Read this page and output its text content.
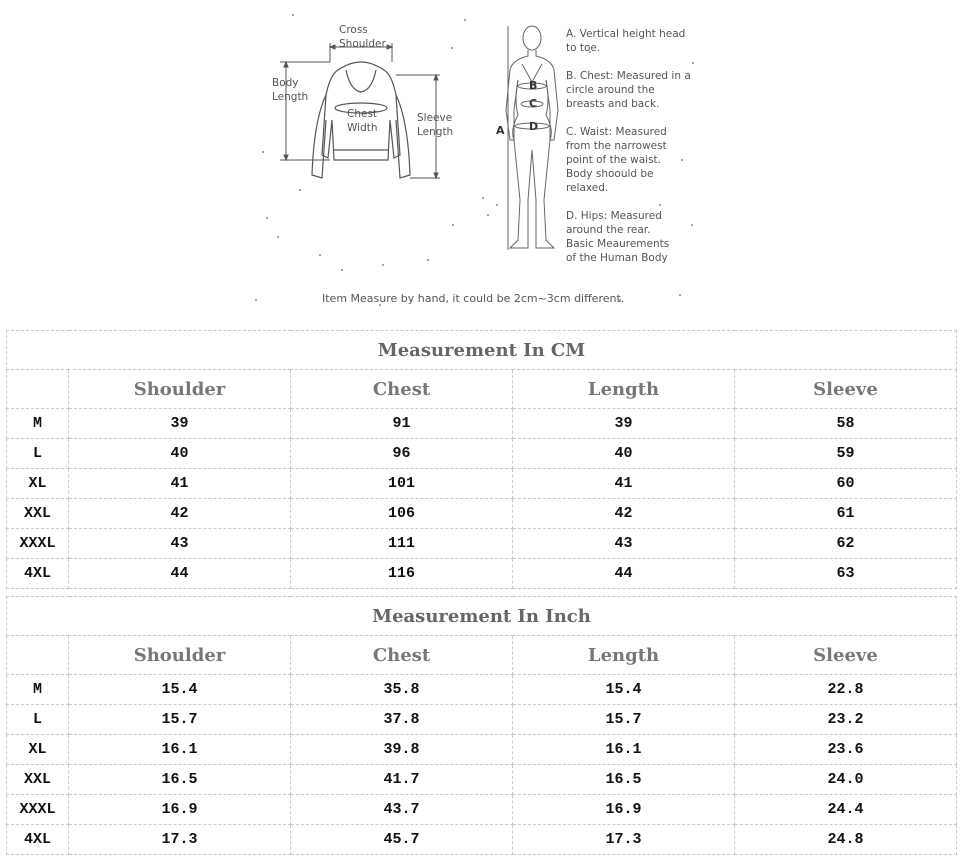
Cross
Shoulder
Body
Length
Chest
Width
Sleeve
Length	A
B
C
D
A. Vertical height head
to toe.
B. Chest: Measured in a
circle around the
breasts and back.
C. Waist: Measured
from the narrowest
point of the waist.
Body shoould be
relaxed.
D. Hips: Measured
around the rear.
Basic Meaurements
of the Human Body
Item Measure by hand, it could be 2cm~3cm different.
Measurement In CM				
	Shoulder	Chest	Length	Sleeve
M	39	91	39	58
L	40	96	40	59
XL	41	101	41	60
XXL	42	106	42	61
XXXL	43	111	43	62
4XL	44	116	44	63
Measurement In Inch				
	Shoulder	Chest	Length	Sleeve
M	15.4	35.8	15.4	22.8
L	15.7	37.8	15.7	23.2
XL	16.1	39.8	16.1	23.6
XXL	16.5	41.7	16.5	24.0
XXXL	16.9	43.7	16.9	24.4
4XL	17.3	45.7	17.3	24.8
